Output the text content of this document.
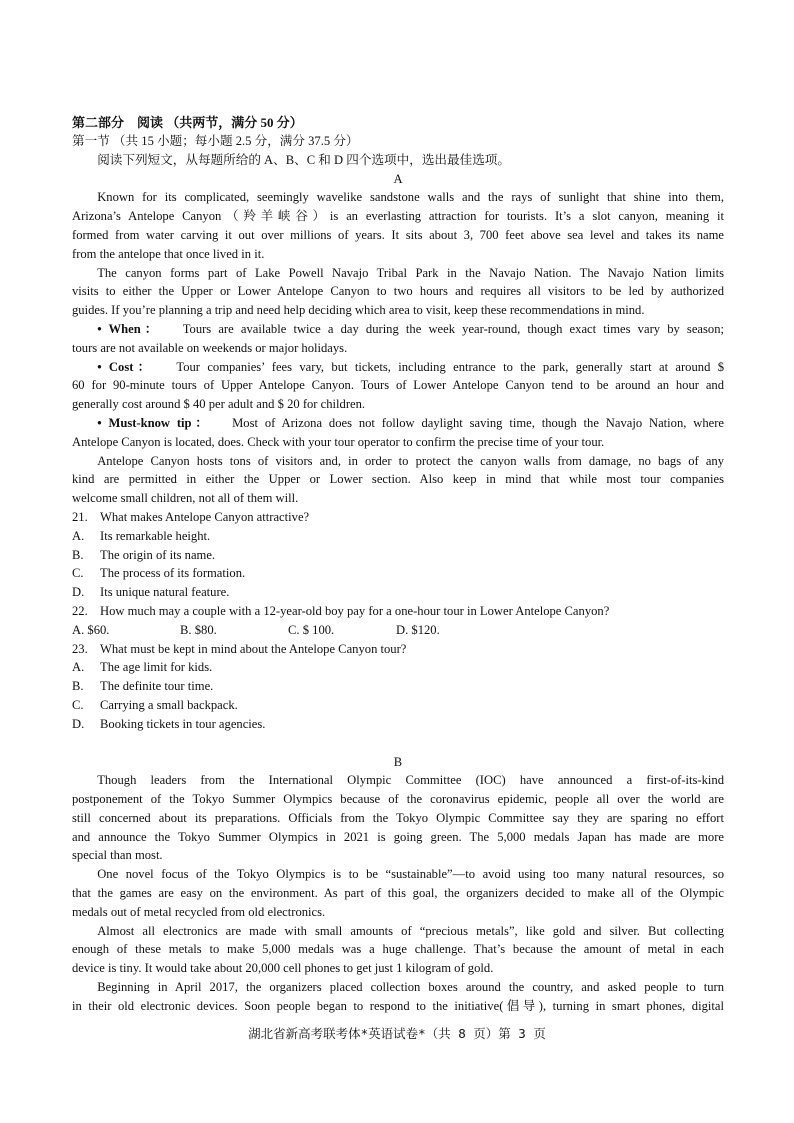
第二部分　阅读 （共两节，满分 50 分）
第一节 （共 15 小题；每小题 2.5 分，满分 37.5 分）
阅读下列短文，从每题所给的 A、B、C 和 D 四个选项中，选出最佳选项。
A
Known for its complicated, seemingly wavelike sandstone walls and the rays of sunlight that shine into them,
Arizona’s Antelope Canyon（羚羊峡谷）is an everlasting attraction for tourists. It’s a slot canyon, meaning it
formed from water carving it out over millions of years. It sits about 3, 700 feet above sea level and takes its name
from the antelope that once lived in it.
The canyon forms part of Lake Powell Navajo Tribal Park in the Navajo Nation. The Navajo Nation limits
visits to either the Upper or Lower Antelope Canyon to two hours and requires all visitors to be led by authorized
guides. If you’re planning a trip and need help deciding which area to visit, keep these recommendations in mind.
• When： Tours are available twice a day during the week year-round, though exact times vary by season;
tours are not available on weekends or major holidays.
• Cost： Tour companies’ fees vary, but tickets, including entrance to the park, generally start at around $
60 for 90-minute tours of Upper Antelope Canyon. Tours of Lower Antelope Canyon tend to be around an hour and
generally cost around $ 40 per adult and $ 20 for children.
• Must-know tip： Most of Arizona does not follow daylight saving time, though the Navajo Nation, where
Antelope Canyon is located, does. Check with your tour operator to confirm the precise time of your tour.
Antelope Canyon hosts tons of visitors and, in order to protect the canyon walls from damage, no bags of any
kind are permitted in either the Upper or Lower section. Also keep in mind that while most tour companies
welcome small children, not all of them will.
21. What makes Antelope Canyon attractive?
A.	Its remarkable height.
B.	The origin of its name.
C.	The process of its formation.
D.	Its unique natural feature.
22. How much may a couple with a 12-year-old boy pay for a one-hour tour in Lower Antelope Canyon?
A. $60.	B. $80.	C. $ 100.	D. $120.
23. What must be kept in mind about the Antelope Canyon tour?
A.	The age limit for kids.
B.	The definite tour time.
C.	Carrying a small backpack.
D.	Booking tickets in tour agencies.
B
Though leaders from the International Olympic Committee (IOC) have announced a first-of-its-kind
postponement of the Tokyo Summer Olympics because of the coronavirus epidemic, people all over the world are
still concerned about its preparations. Officials from the Tokyo Olympic Committee say they are sparing no effort
and announce the Tokyo Summer Olympics in 2021 is going green. The 5,000 medals Japan has made are more
special than most.
One novel focus of the Tokyo Olympics is to be “sustainable”—to avoid using too many natural resources, so
that the games are easy on the environment. As part of this goal, the organizers decided to make all of the Olympic
medals out of metal recycled from old electronics.
Almost all electronics are made with small amounts of “precious metals”, like gold and silver. But collecting
enough of these metals to make 5,000 medals was a huge challenge. That’s because the amount of metal in each
device is tiny. It would take about 20,000 cell phones to get just 1 kilogram of gold.
Beginning in April 2017, the organizers placed collection boxes around the country, and asked people to turn
in their old electronic devices. Soon people began to respond to the initiative(倡导), turning in smart phones, digital
湖北省新高考联考体*英语试卷*（共 8 页）第 3 页
